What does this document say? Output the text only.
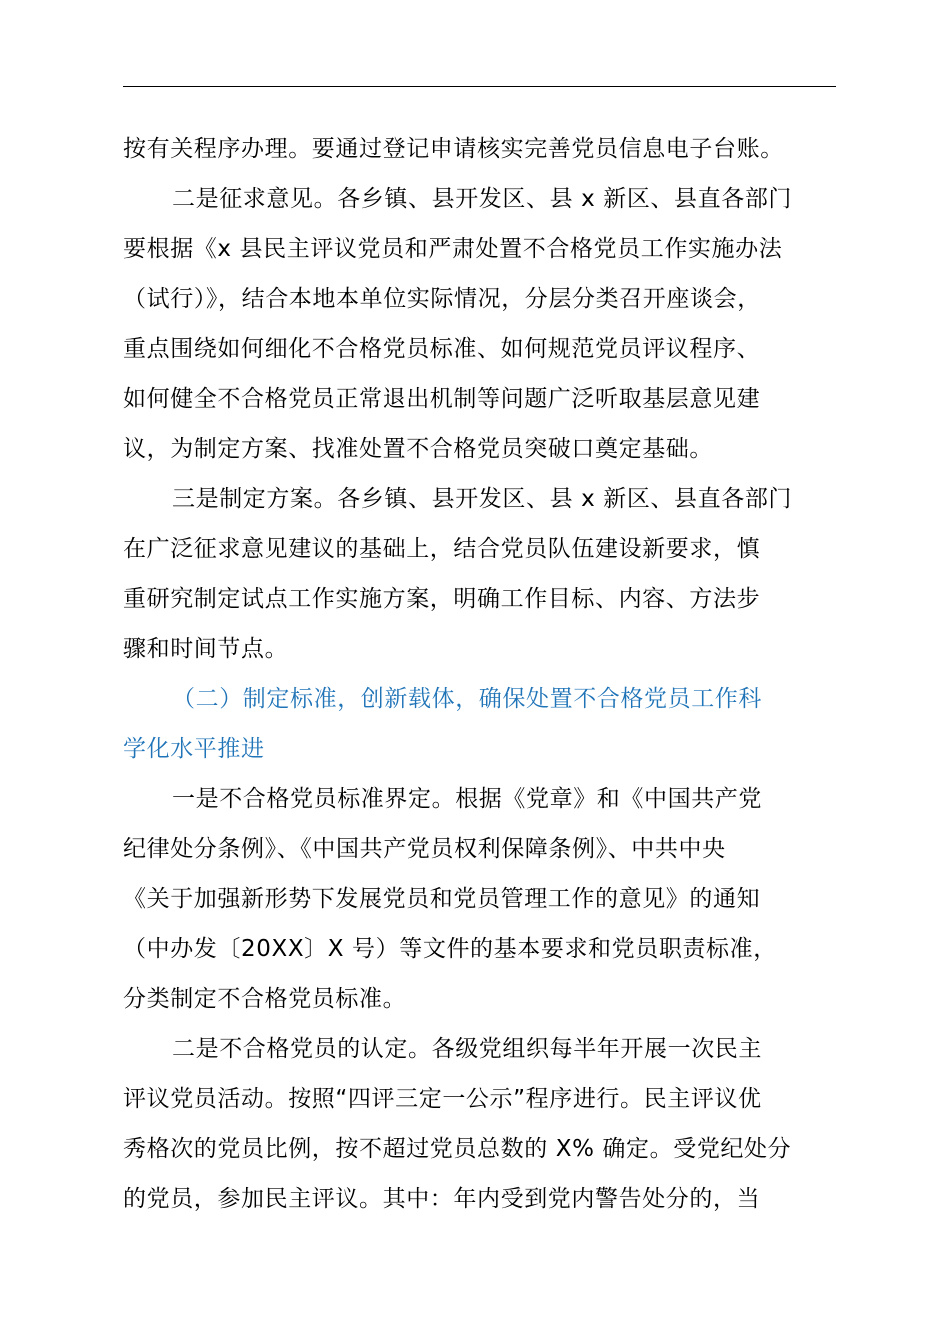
按有关程序办理。要通过登记申请核实完善党员信息电子台账。
二是征求意见。各乡镇、县开发区、县 x 新区、县直各部门
要根据《x 县民主评议党员和严肃处置不合格党员工作实施办法
（试行）》，结合本地本单位实际情况，分层分类召开座谈会，
重点围绕如何细化不合格党员标准、如何规范党员评议程序、
如何健全不合格党员正常退出机制等问题广泛听取基层意见建
议，为制定方案、找准处置不合格党员突破口奠定基础。
三是制定方案。各乡镇、县开发区、县 x 新区、县直各部门
在广泛征求意见建议的基础上，结合党员队伍建设新要求，慎
重研究制定试点工作实施方案，明确工作目标、内容、方法步
骤和时间节点。
（二）制定标准，创新载体，确保处置不合格党员工作科
学化水平推进
一是不合格党员标准界定。根据《党章》和《中国共产党
纪律处分条例》、《中国共产党员权利保障条例》、中共中央
《关于加强新形势下发展党员和党员管理工作的意见》的通知
（中办发〔20XX〕X 号）等文件的基本要求和党员职责标准，
分类制定不合格党员标准。
二是不合格党员的认定。各级党组织每半年开展一次民主
评议党员活动。按照“四评三定一公示”程序进行。民主评议优
秀格次的党员比例，按不超过党员总数的 X% 确定。受党纪处分
的党员，参加民主评议。其中：年内受到党内警告处分的，当
